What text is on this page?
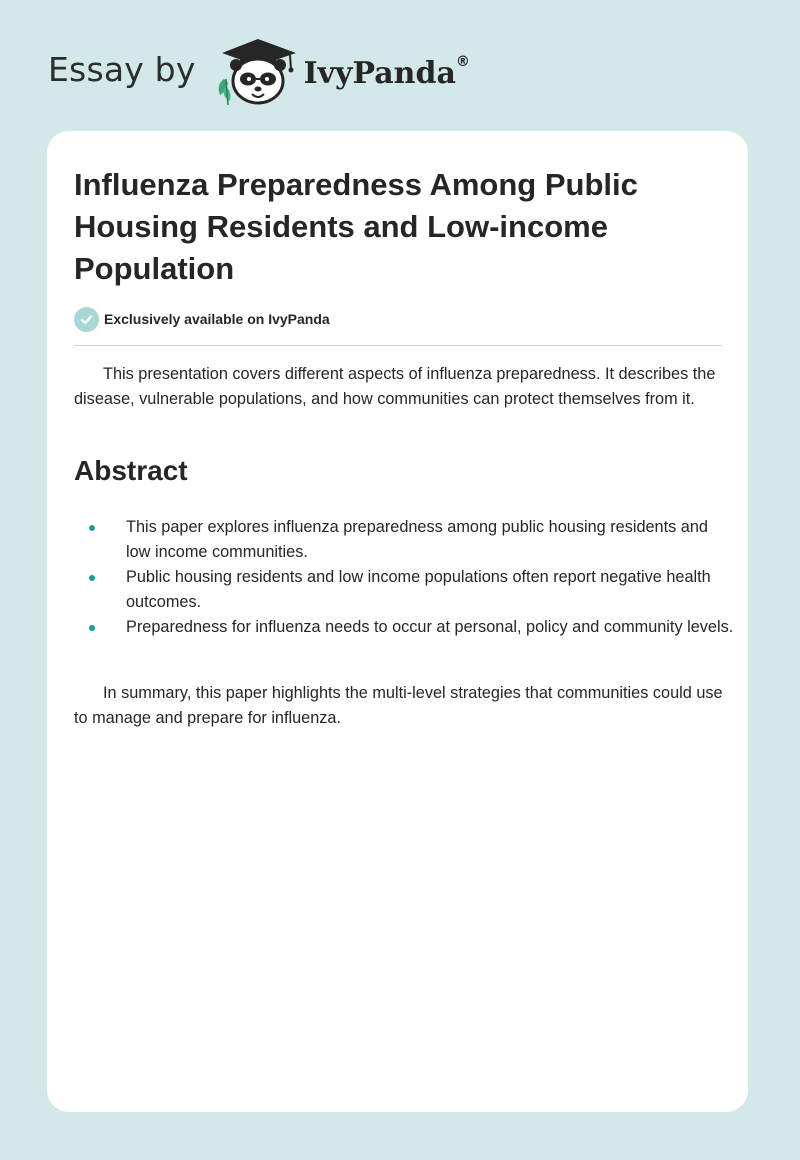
Essay by	IvyPanda®
Influenza Preparedness Among Public Housing Residents and Low-income Population
Exclusively available on IvyPanda

This presentation covers different aspects of influenza preparedness. It describes the disease, vulnerable populations, and how communities can protect themselves from it.

Abstract
This paper explores influenza preparedness among public housing residents and low income communities.
Public housing residents and low income populations often report negative health outcomes.
Preparedness for influenza needs to occur at personal, policy and community levels.

In summary, this paper highlights the multi-level strategies that communities could use to manage and prepare for influenza.
